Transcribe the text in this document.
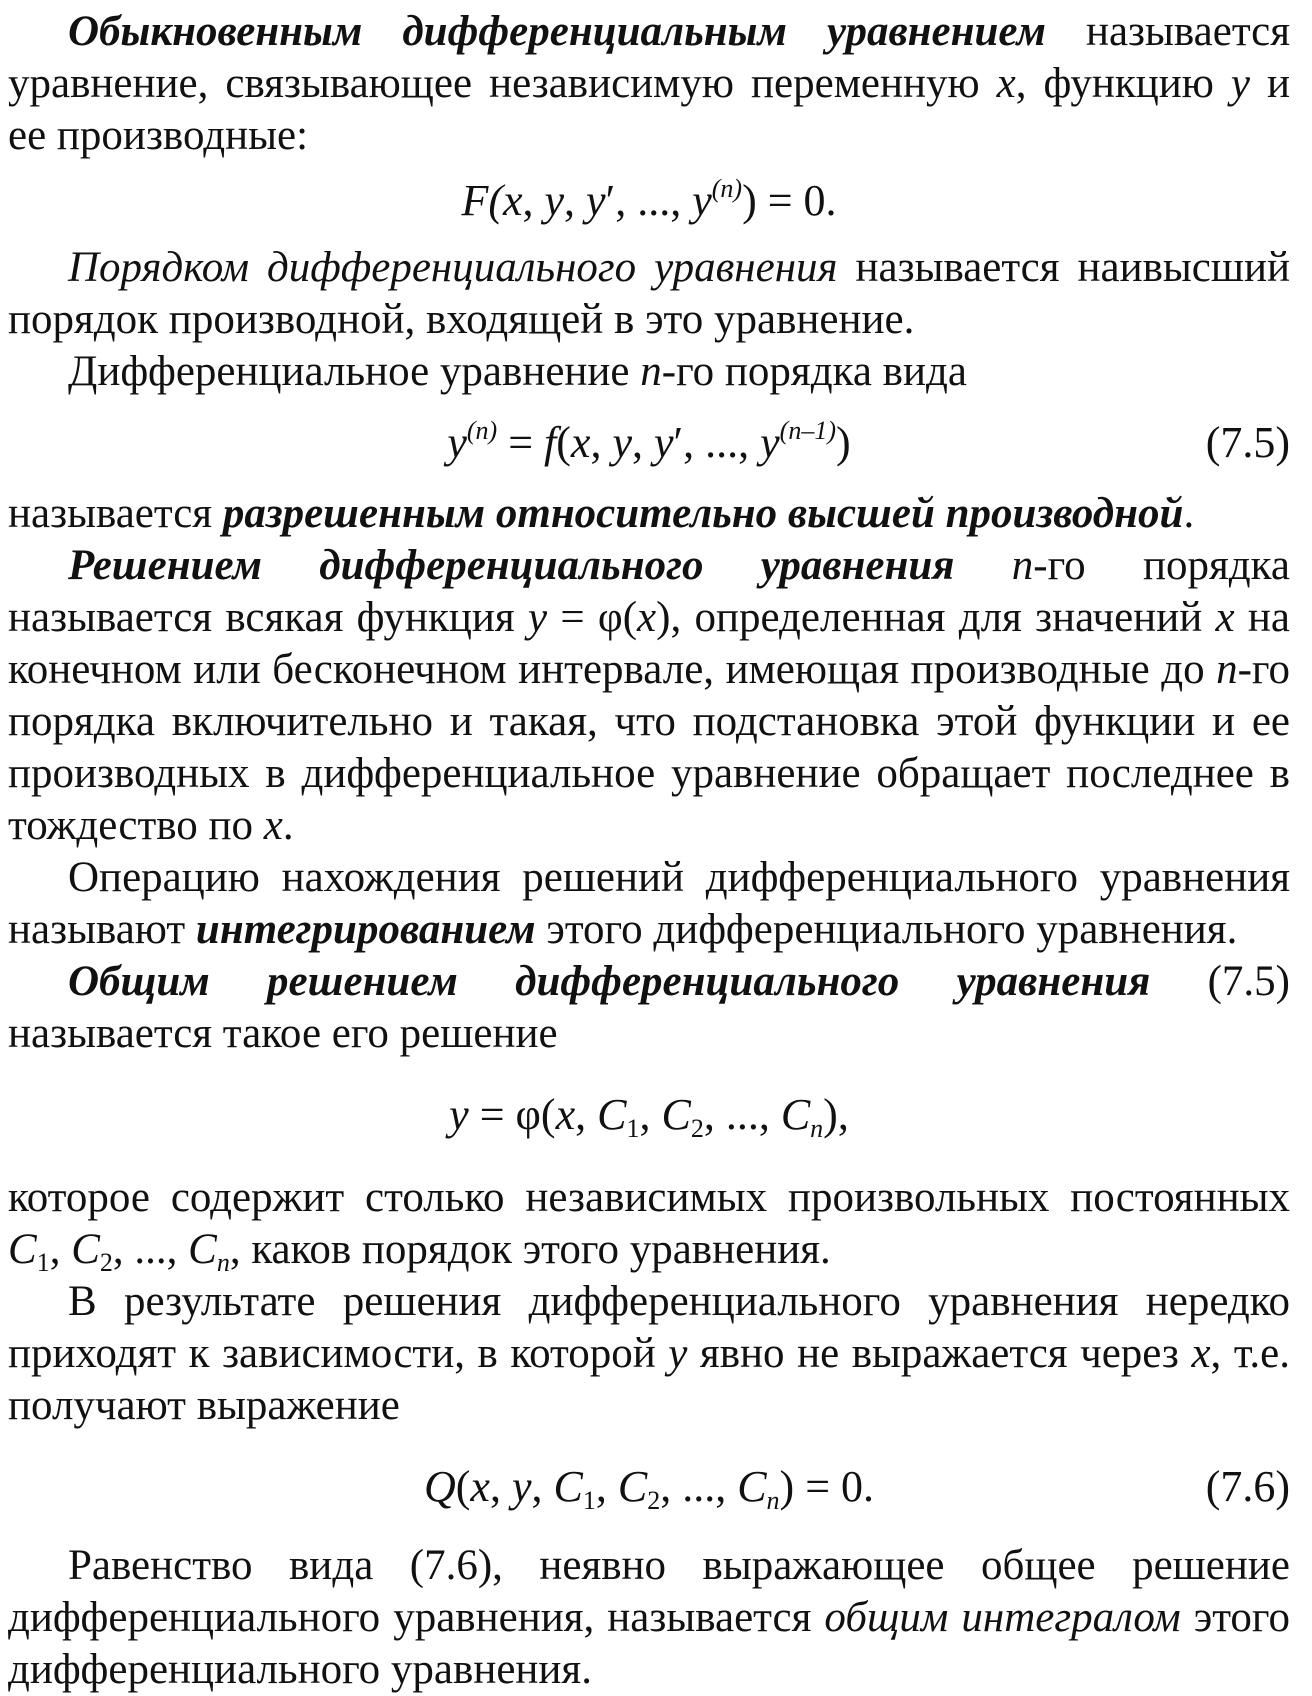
Обыкновенным дифференциальным уравнением называется уравнение, связывающее независимую переменную x, функцию y и ее производные:

F(x, y, y′, ..., $y^{(n)}) = 0$.

Порядком дифференциального уравнения называется наивысший порядок производной, входящей в это уравнение.

Дифференциальное уравнение n-го порядка вида

$y^{(n)} = f(x$, y, y′, ..., $y^{(n-1)}$)	(7.5)

называется разрешенным относительно высшей производной.

Решением дифференциального уравнения n-го порядка называется всякая функция y = φ(x), определенная для значений x на конечном или бесконечном интервале, имеющая производные до n-го порядка включительно и такая, что подстановка этой функции и ее производных в дифференциальное уравнение обращает последнее в тождество по x.

Операцию нахождения решений дифференциального уравнения называют интегрированием этого дифференциального уравнения.

Общим решением дифференциального уравнения (7.5) называется такое его решение

y = φ(x, $C_1$, $C_2$, ..., $C_n$),

которое содержит столько независимых произвольных постоянных $C_1$, $C_2$, ..., $C_n$, каков порядок этого уравнения.

В результате решения дифференциального уравнения нередко приходят к зависимости, в которой y явно не выражается через x, т.е. получают выражение

Q(x, y, $C_1$, $C_2$, ..., $C_n) = 0$.	(7.6)

Равенство вида (7.6), неявно выражающее общее решение дифференциального уравнения, называется общим интегралом этого дифференциального уравнения.
